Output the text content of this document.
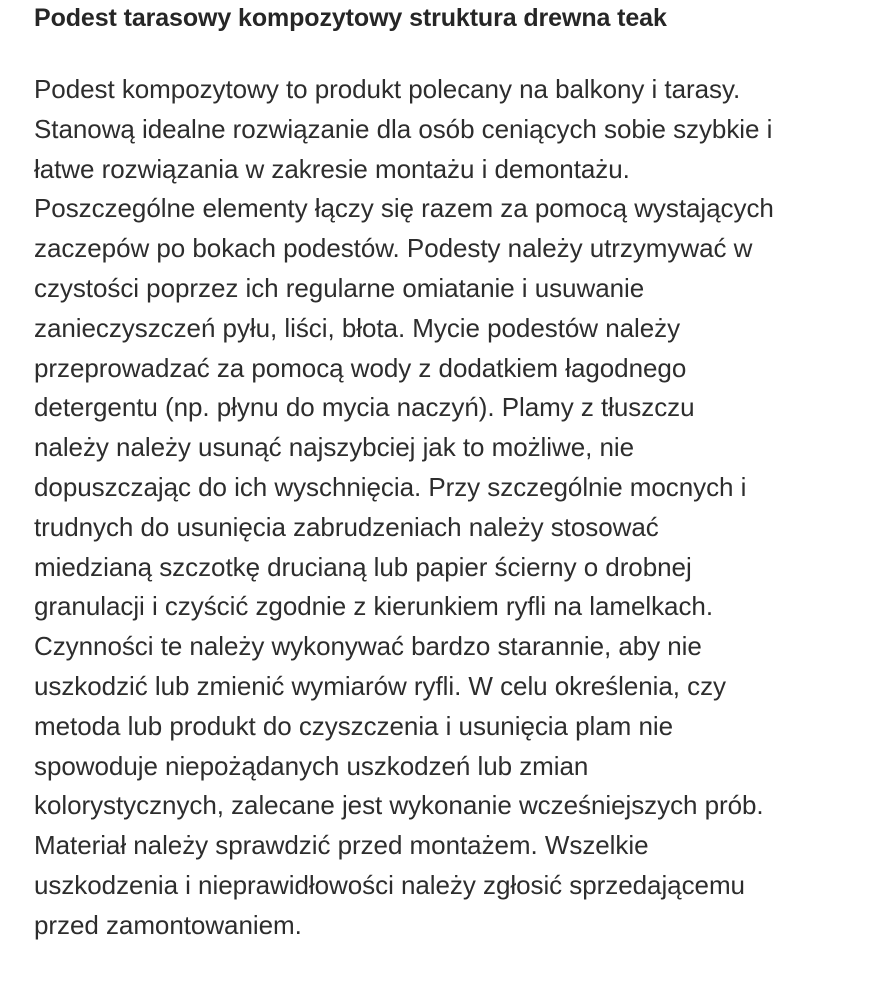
Podest tarasowy kompozytowy struktura drewna teak
Podest kompozytowy to produkt polecany na balkony i tarasy.
Stanową idealne rozwiązanie dla osób ceniących sobie szybkie i
łatwe rozwiązania w zakresie montażu i demontażu.
Poszczególne elementy łączy się razem za pomocą wystających
zaczepów po bokach podestów. Podesty należy utrzymywać w
czystości poprzez ich regularne omiatanie i usuwanie
zanieczyszczeń pyłu, liści, błota. Mycie podestów należy
przeprowadzać za pomocą wody z dodatkiem łagodnego
detergentu (np. płynu do mycia naczyń). Plamy z tłuszczu
należy należy usunąć najszybciej jak to możliwe, nie
dopuszczając do ich wyschnięcia. Przy szczególnie mocnych i
trudnych do usunięcia zabrudzeniach należy stosować
miedzianą szczotkę drucianą lub papier ścierny o drobnej
granulacji i czyścić zgodnie z kierunkiem ryfli na lamelkach.
Czynności te należy wykonywać bardzo starannie, aby nie
uszkodzić lub zmienić wymiarów ryfli. W celu określenia, czy
metoda lub produkt do czyszczenia i usunięcia plam nie
spowoduje niepożądanych uszkodzeń lub zmian
kolorystycznych, zalecane jest wykonanie wcześniejszych prób.
Materiał należy sprawdzić przed montażem. Wszelkie
uszkodzenia i nieprawidłowości należy zgłosić sprzedającemu
przed zamontowaniem.
